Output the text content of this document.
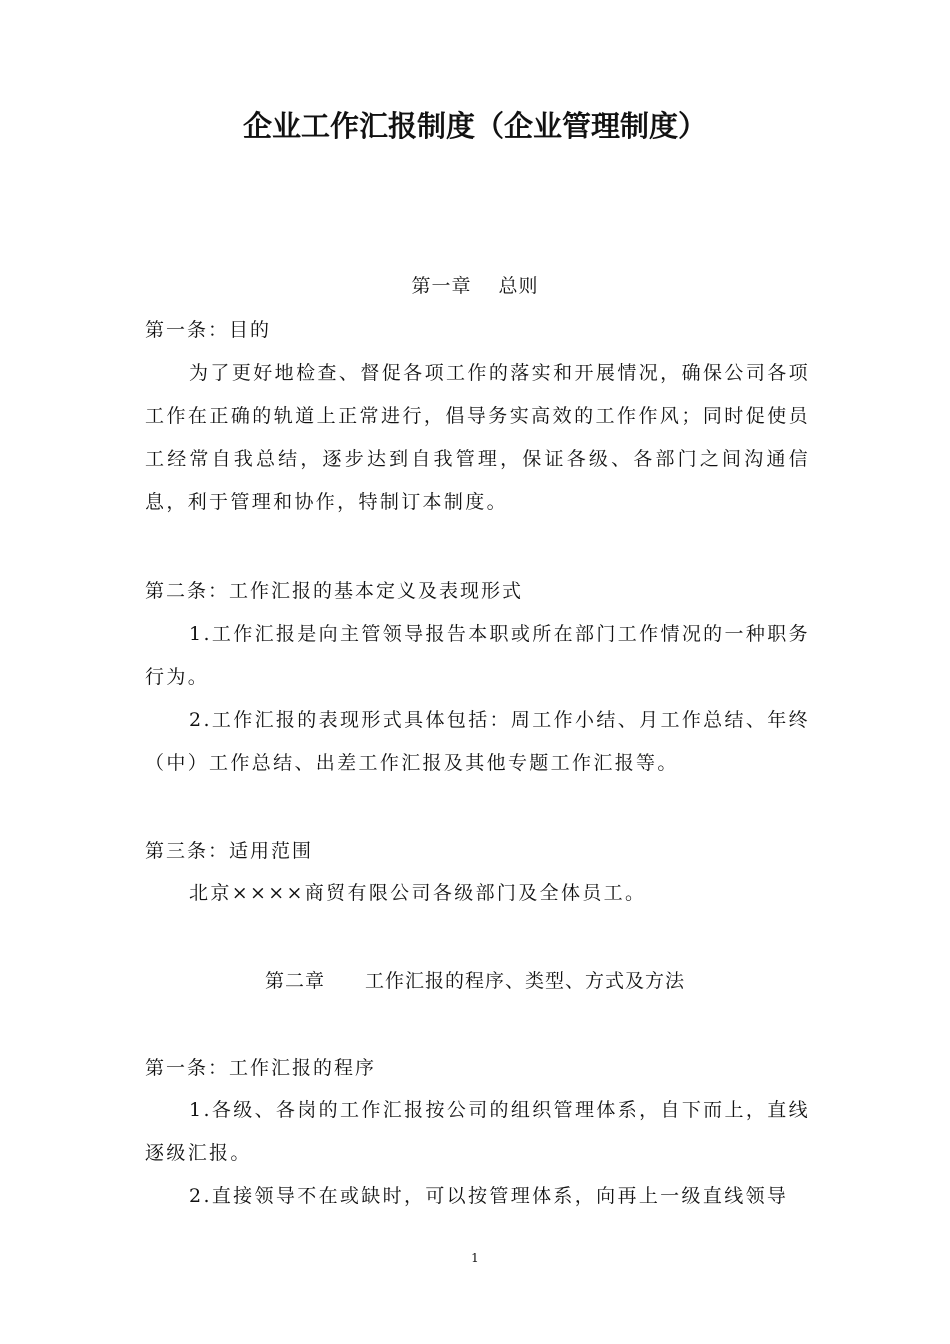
企业工作汇报制度（企业管理制度）

第一章　 总则

第一条：目的

为了更好地检查、督促各项工作的落实和开展情况，确保公司各项工作在正确的轨道上正常进行，倡导务实高效的工作作风；同时促使员工经常自我总结，逐步达到自我管理，保证各级、各部门之间沟通信息，利于管理和协作，特制订本制度。

第二条：工作汇报的基本定义及表现形式

1.工作汇报是向主管领导报告本职或所在部门工作情况的一种职务行为。

2.工作汇报的表现形式具体包括：周工作小结、月工作总结、年终（中）工作总结、出差工作汇报及其他专题工作汇报等。

第三条：适用范围

北京××××商贸有限公司各级部门及全体员工。

第二章　　工作汇报的程序、类型、方式及方法

第一条：工作汇报的程序

1.各级、各岗的工作汇报按公司的组织管理体系，自下而上，直线逐级汇报。

2.直接领导不在或缺时，可以按管理体系，向再上一级直线领导

1
